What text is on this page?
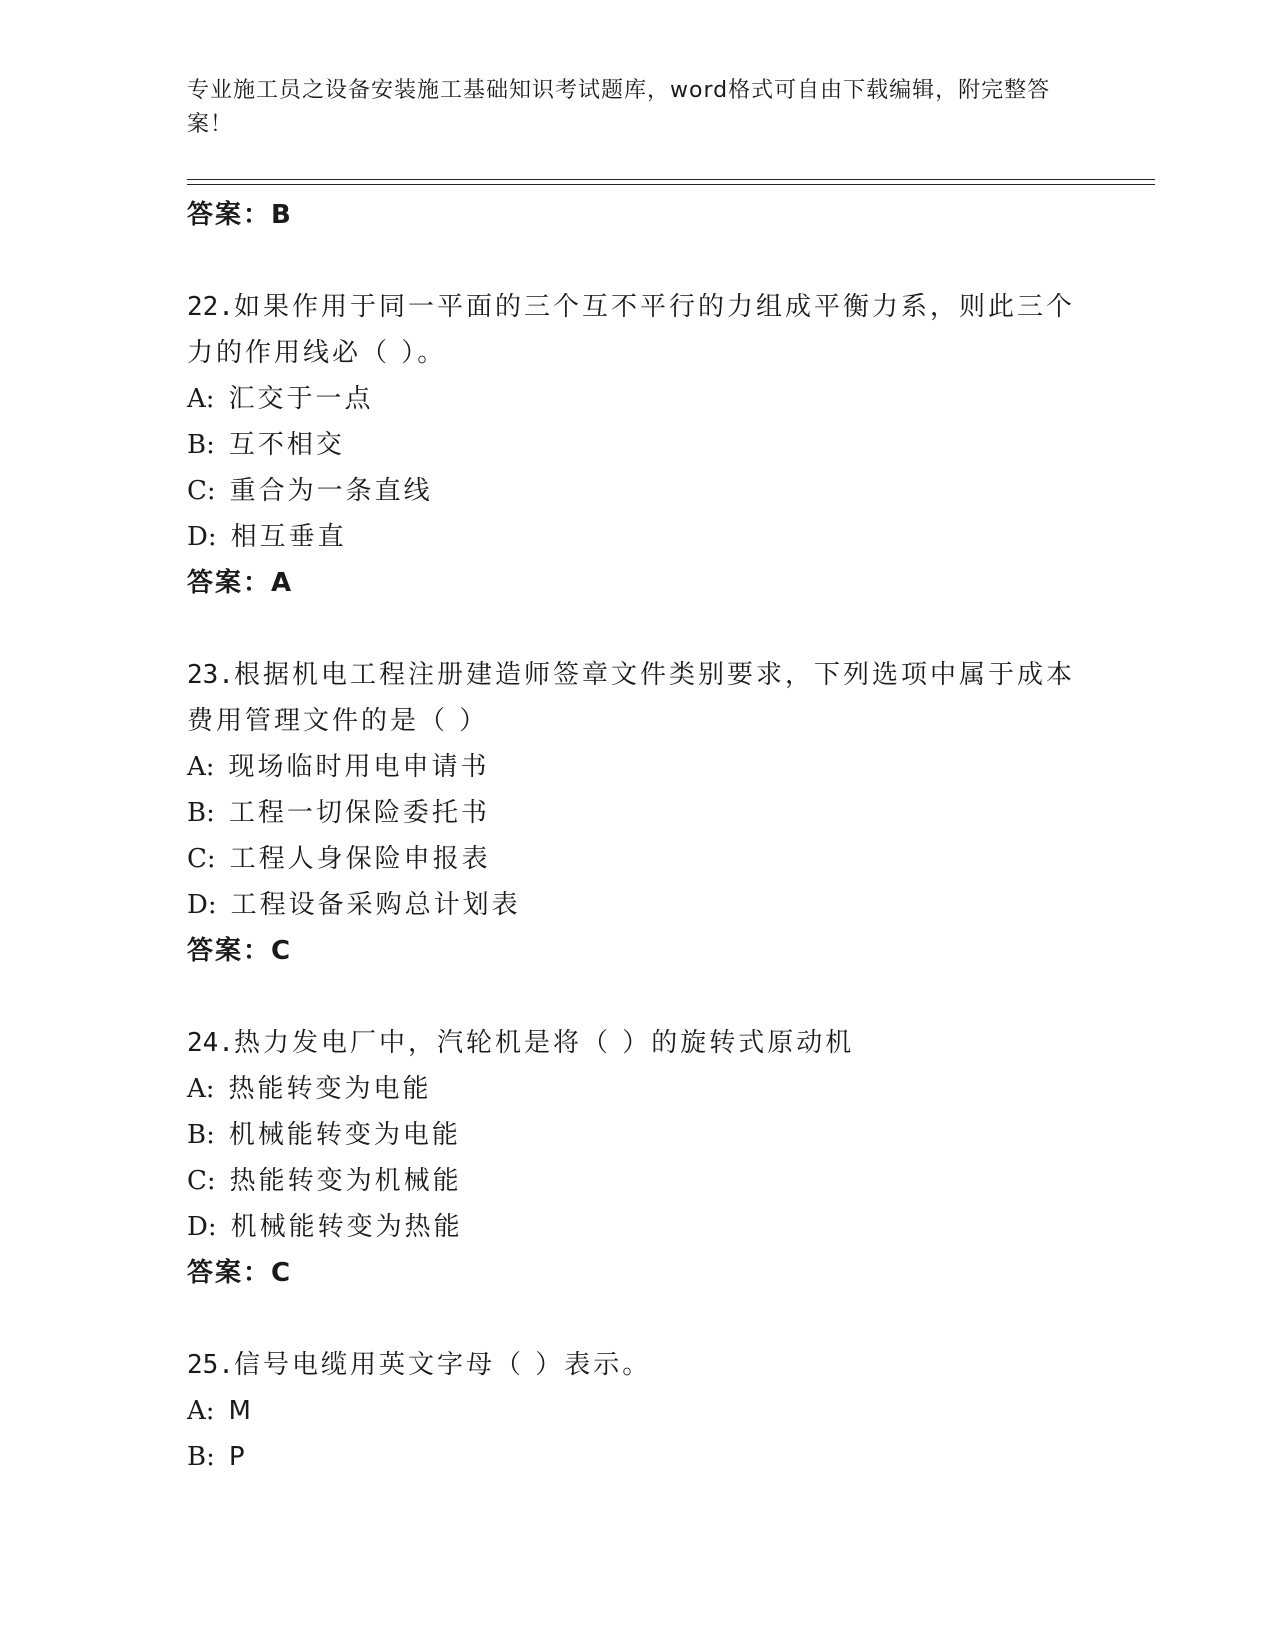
专业施工员之设备安装施工基础知识考试题库，word格式可自由下载编辑，附完整答案！
答案：B
22.如果作用于同一平面的三个互不平行的力组成平衡力系，则此三个力的作用线必（ ）。
A: 汇交于一点
B: 互不相交
C: 重合为一条直线
D: 相互垂直
答案：A
23.根据机电工程注册建造师签章文件类别要求，下列选项中属于成本费用管理文件的是（ ）
A: 现场临时用电申请书
B: 工程一切保险委托书
C: 工程人身保险申报表
D: 工程设备采购总计划表
答案：C
24.热力发电厂中，汽轮机是将（ ）的旋转式原动机
A: 热能转变为电能
B: 机械能转变为电能
C: 热能转变为机械能
D: 机械能转变为热能
答案：C
25.信号电缆用英文字母（ ）表示。
A: M
B: P
